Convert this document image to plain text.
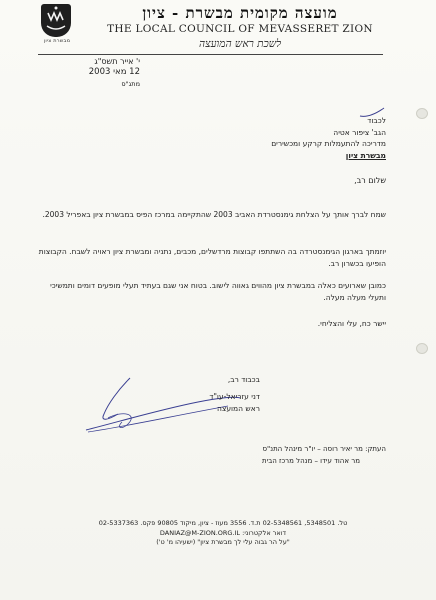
מבשרת ציון
מועצה מקומית מבשרת - ציון
THE LOCAL COUNCIL OF MEVASSERET ZION
לשכת ראש המועצה
י' אייר תשס"ג
12 מאי 2003
מתג"ס
לכבוד
הגב' ציפור אטיה
מדריכה להתעמלות קרקע ומכשירים
מבשרת ציון
שלום רב,
שמח לברך אותך על הצלחת גימנסטרדת האביב 2003 שהתקיימה במרכז הפיס במבשרת ציון באפריל 2003.
יוזמתך בארגון הגימנסטרדה בה השתתפו קבוצות מרדשלים, מכבים, נתניה ומבשרת ציון ראויה לשבח. הקבוצות הופיעו בכשרון רב.
כמובן שארועים כאלה במבשרת ציון מהווים גאווה לישוב. בטוח אני שגם בעתיד תעלי מופעים דומים ותמשיכי ותעלי מעלה מעלה.
יישר כח, עלי והצליחי.
בכבוד רב,
דני עזריאל-עו"ד
ראש המועצה
העתק: מר יאיר רוסה – יו"ר מינהל התנ"ס
מר אהוד עידו – מנהל מרכז הבית
טל. 5348501, 02-5348561 ת.ד. 3556 מעוז - ציון, מיקוד 90805 פקס. 02-5337363
דואר אלקטרוני: DANIAZ@M-ZION.ORG.IL
"על הר גבוה עלי לך מבשרת ציון" (ישעיהו מ' ט')
